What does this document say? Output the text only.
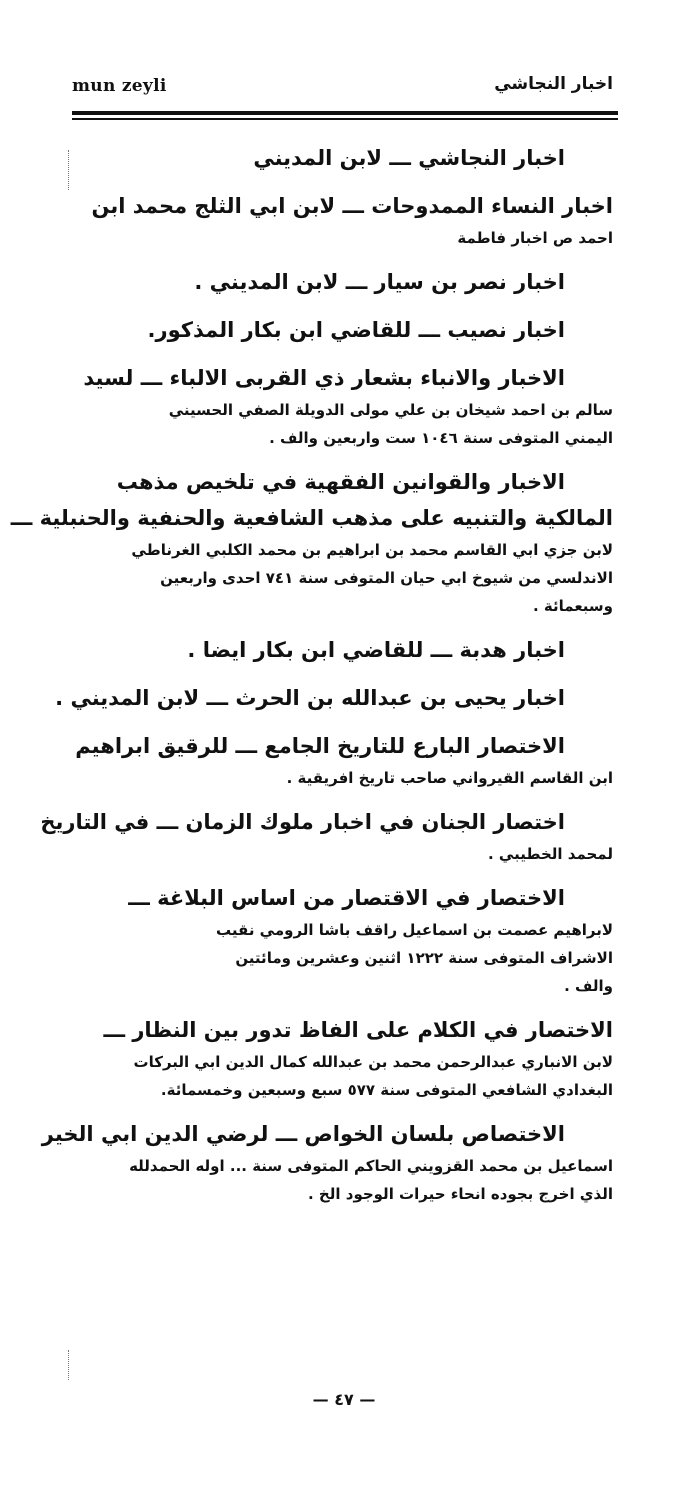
mun zeyli	اخبار النجاشي
اخبار النجاشي ـــ لابن المديني
اخبار النساء الممدوحات ـــ لابن ابي الثلج محمد ابن
احمد ص اخبار فاطمة
اخبار نصر بن سيار ـــ لابن المديني .
اخبار نصيب ـــ للقاضي ابن بكار المذكور.
الاخبار والانباء بشعار ذي القربى الالباء ـــ لسيد
سالم بن احمد شيخان بن علي مولى الدويلة الصفي الحسيني
اليمني المتوفى سنة ١٠٤٦ ست واربعين والف .
الاخبار والقوانين الفقهية في تلخيص مذهب
المالكية والتنبيه على مذهب الشافعية والحنفية والحنبلية ـــ
لابن جزي ابي القاسم محمد بن ابراهيم بن محمد الكلبي الغرناطي
الاندلسي من شيوخ ابي حيان المتوفى سنة ٧٤١ احدى واربعين
وسبعمائة .
اخبار هدبة ـــ للقاضي ابن بكار ايضا .
اخبار يحيى بن عبدالله بن الحرث ـــ لابن المديني .
الاختصار البارع للتاريخ الجامع ـــ للرقيق ابراهيم
ابن القاسم القيرواني صاحب تاريخ افريقية .
اختصار الجنان في اخبار ملوك الزمان ـــ في التاريخ
لمحمد الخطيبي .
الاختصار في الاقتصار من اساس البلاغة ـــ
لابراهيم عصمت بن اسماعيل راقف باشا الرومي نقيب
الاشراف المتوفى سنة ١٢٢٢ اثنين وعشرين ومائتين
والف .
الاختصار في الكلام على الفاظ تدور بين النظار ـــ
لابن الانباري عبدالرحمن محمد بن عبدالله كمال الدين ابي البركات
البغدادي الشافعي المتوفى سنة ٥٧٧ سبع وسبعين وخمسمائة.
الاختصاص بلسان الخواص ـــ لرضي الدين ابي الخير
اسماعيل بن محمد القزويني الحاكم المتوفى سنة ... اوله الحمدلله
الذي اخرج بجوده انحاء حيرات الوجود الخ .
— ٤٧ —
